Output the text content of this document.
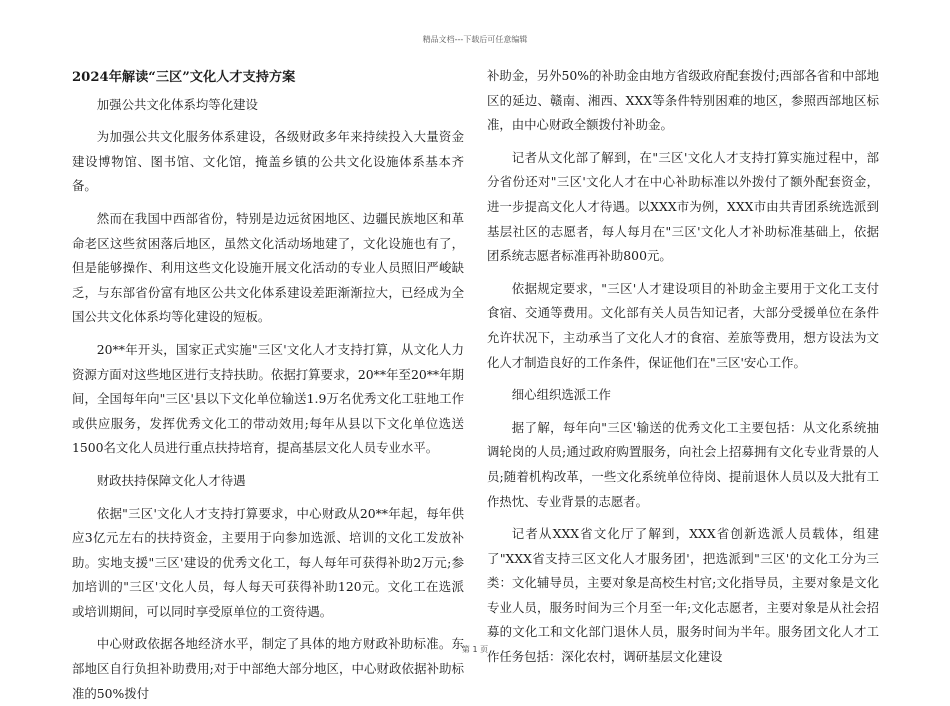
精品文档---下载后可任意编辑

2024年解读“三区”文化人才支持方案

加强公共文化体系均等化建设

为加强公共文化服务体系建设，各级财政多年来持续投入大量资金建设博物馆、图书馆、文化馆，掩盖乡镇的公共文化设施体系基本齐备。

然而在我国中西部省份，特别是边远贫困地区、边疆民族地区和革命老区这些贫困落后地区，虽然文化活动场地建了，文化设施也有了，但是能够操作、利用这些文化设施开展文化活动的专业人员照旧严峻缺乏，与东部省份富有地区公共文化体系建设差距渐渐拉大，已经成为全国公共文化体系均等化建设的短板。

20**年开头，国家正式实施"三区'文化人才支持打算，从文化人力资源方面对这些地区进行支持扶助。依据打算要求，20**年至20**年期间，全国每年向"三区'县以下文化单位输送1.9万名优秀文化工驻地工作或供应服务，发挥优秀文化工的带动效用;每年从县以下文化单位选送1500名文化人员进行重点扶持培育，提高基层文化人员专业水平。

财政扶持保障文化人才待遇

依据"三区'文化人才支持打算要求，中心财政从20**年起，每年供应3亿元左右的扶持资金，主要用于向参加选派、培训的文化工发放补助。实地支援"三区'建设的优秀文化工，每人每年可获得补助2万元;参加培训的"三区'文化人员，每人每天可获得补助120元。文化工在选派或培训期间，可以同时享受原单位的工资待遇。

中心财政依据各地经济水平，制定了具体的地方财政补助标准。东部地区自行负担补助费用;对于中部绝大部分地区，中心财政依据补助标准的50%拨付

补助金，另外50%的补助金由地方省级政府配套拨付;西部各省和中部地区的延边、赣南、湘西、XXX等条件特别困难的地区，参照西部地区标准，由中心财政全额拨付补助金。

记者从文化部了解到，在"三区'文化人才支持打算实施过程中，部分省份还对"三区'文化人才在中心补助标准以外拨付了额外配套资金，进一步提高文化人才待遇。以XXX市为例，XXX市由共青团系统选派到基层社区的志愿者，每人每月在"三区'文化人才补助标准基础上，依据团系统志愿者标准再补助800元。

依据规定要求，"三区'人才建设项目的补助金主要用于文化工支付食宿、交通等费用。文化部有关人员告知记者，大部分受援单位在条件允许状况下，主动承当了文化人才的食宿、差旅等费用，想方设法为文化人才制造良好的工作条件，保证他们在"三区'安心工作。

细心组织选派工作

据了解，每年向"三区'输送的优秀文化工主要包括：从文化系统抽调轮岗的人员;通过政府购置服务，向社会上招募拥有文化专业背景的人员;随着机构改革，一些文化系统单位待岗、提前退休人员以及大批有工作热忱、专业背景的志愿者。

记者从XXX省文化厅了解到，XXX省创新选派人员载体，组建了"XXX省支持三区文化人才服务团'，把选派到"三区'的文化工分为三类：文化辅导员，主要对象是高校生村官;文化指导员，主要对象是文化专业人员，服务时间为三个月至一年;文化志愿者，主要对象是从社会招募的文化工和文化部门退休人员，服务时间为半年。服务团文化人才工作任务包括：深化农村，调研基层文化建设

第 1 页
